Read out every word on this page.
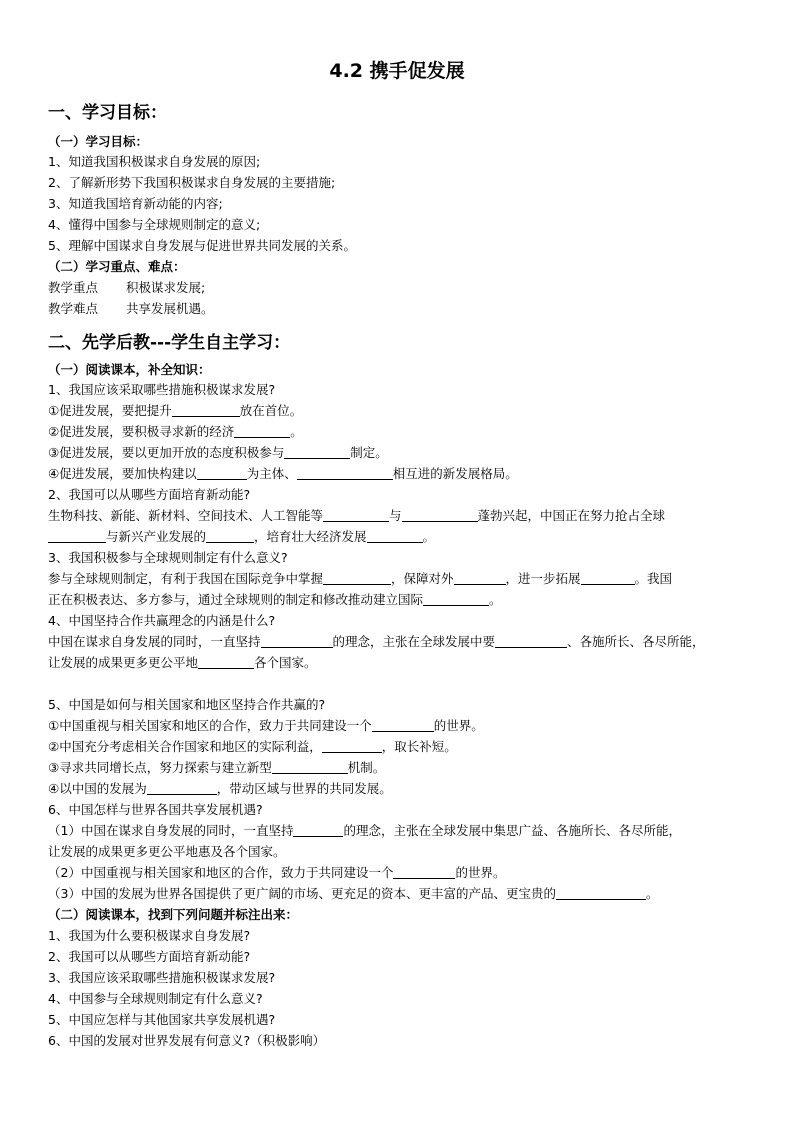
4.2 携手促发展
一、学习目标：
（一）学习目标：
1、知道我国积极谋求自身发展的原因;
2、了解新形势下我国积极谋求自身发展的主要措施;
3、知道我国培育新动能的内容;
4、懂得中国参与全球规则制定的意义;
5、理解中国谋求自身发展与促进世界共同发展的关系。
（二）学习重点、难点：
教学重点 积极谋求发展;
教学难点 共享发展机遇。
二、先学后教---学生自主学习：
（一）阅读课本，补全知识：
1、我国应该采取哪些措施积极谋求发展?
①促进发展，要把提升	放在首位。
②促进发展，要积极寻求新的经济	。
③促进发展，要以更加开放的态度积极参与	制定。
④促进发展，要加快构建以	为主体、	相互进的新发展格局。
2、我国可以从哪些方面培育新动能?
生物科技、新能、新材料、空间技术、人工智能等	与	蓬勃兴起，中国正在努力抢占全球
与新兴产业发展的	，培育壮大经济发展	。
3、我国积极参与全球规则制定有什么意义?
参与全球规则制定，有利于我国在国际竞争中掌握	，保障对外	，进一步拓展	。我国
正在积极表达、多方参与，通过全球规则的制定和修改推动建立国际	。
4、中国坚持合作共赢理念的内涵是什么?
中国在谋求自身发展的同时，一直坚持	的理念，主张在全球发展中要	、各施所长、各尽所能，
让发展的成果更多更公平地	各个国家。
5、中国是如何与相关国家和地区坚持合作共赢的?
①中国重视与相关国家和地区的合作，致力于共同建设一个	的世界。
②中国充分考虑相关合作国家和地区的实际利益，	，取长补短。
③寻求共同增长点，努力探索与建立新型	机制。
④以中国的发展为	，带动区域与世界的共同发展。
6、中国怎样与世界各国共享发展机遇?
（1）中国在谋求自身发展的同时，一直坚持	的理念，主张在全球发展中集思广益、各施所长、各尽所能，
让发展的成果更多更公平地惠及各个国家。
（2）中国重视与相关国家和地区的合作，致力于共同建设一个	的世界。
（3）中国的发展为世界各国提供了更广阔的市场、更充足的资本、更丰富的产品、更宝贵的	。
（二）阅读课本，找到下列问题并标注出来：
1、我国为什么要积极谋求自身发展?
2、我国可以从哪些方面培育新动能?
3、我国应该采取哪些措施积极谋求发展?
4、中国参与全球规则制定有什么意义?
5、中国应怎样与其他国家共享发展机遇?
6、中国的发展对世界发展有何意义?（积极影响）
